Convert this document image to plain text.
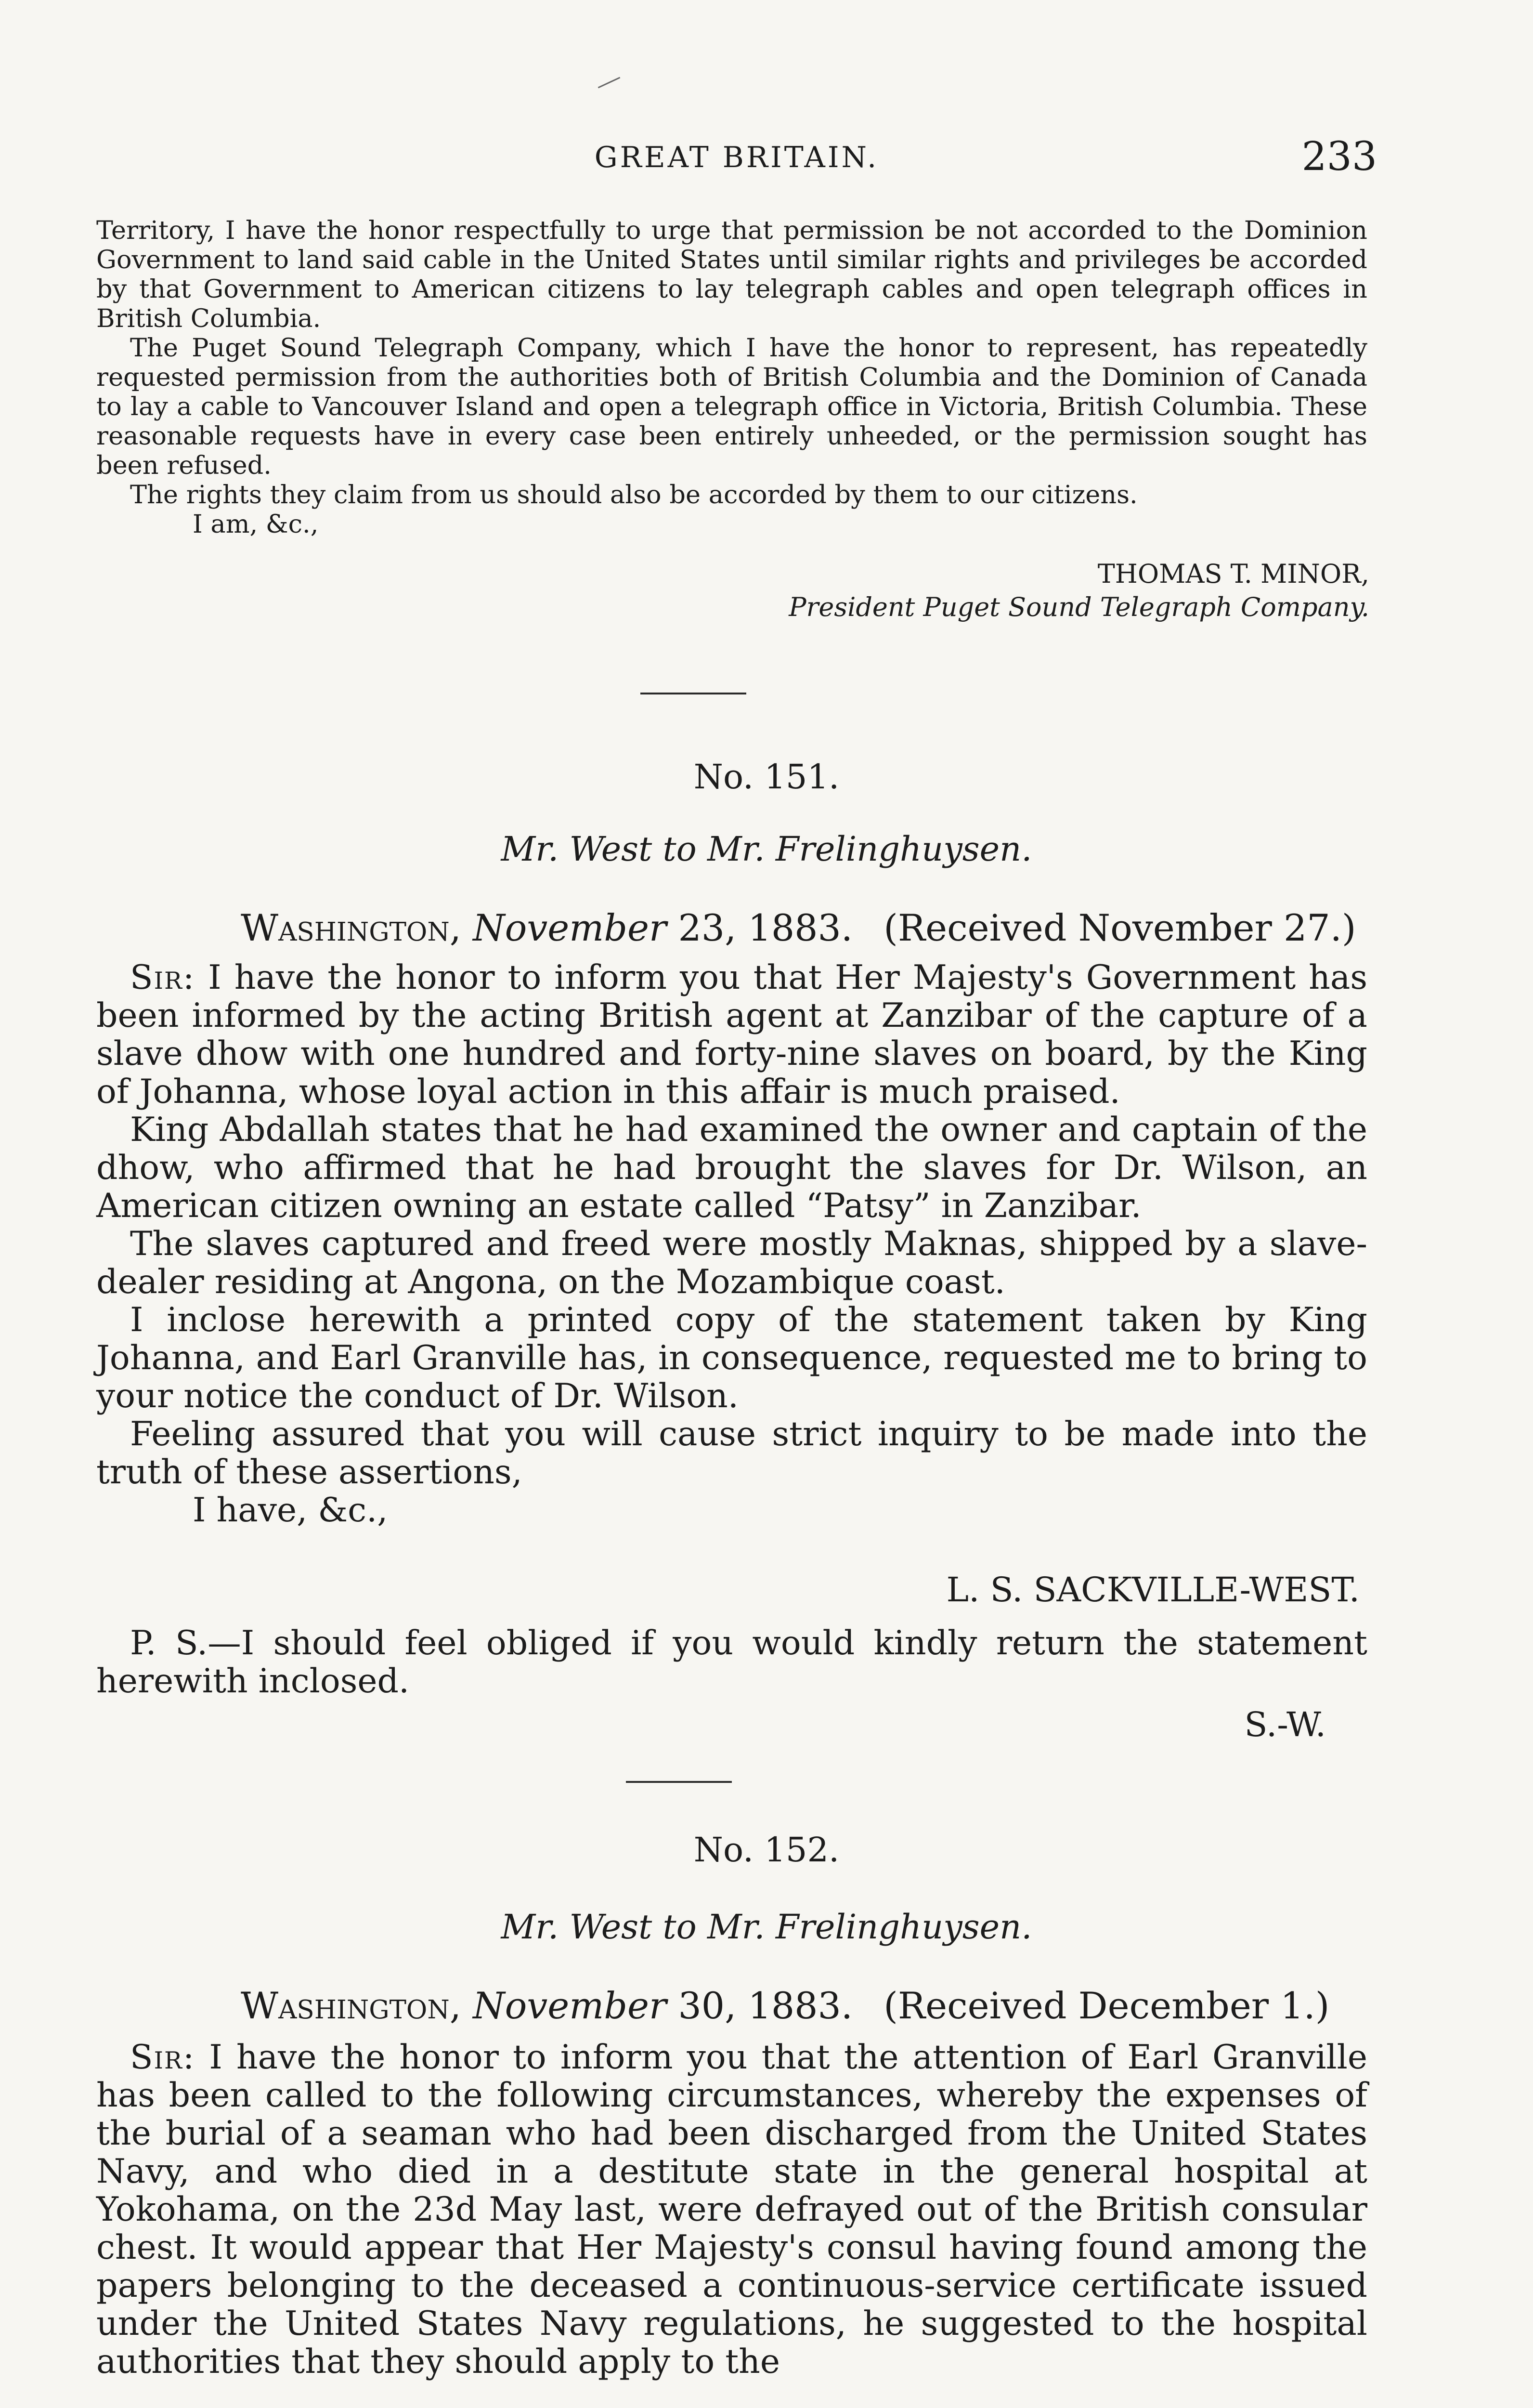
GREAT BRITAIN.	233

Territory, I have the honor respectfully to urge that permission be not accorded to the Dominion Government to land said cable in the United States until similar rights and privileges be accorded by that Government to American citizens to lay telegraph cables and open telegraph offices in British Columbia.

The Puget Sound Telegraph Company, which I have the honor to represent, has repeatedly requested permission from the authorities both of British Columbia and the Dominion of Canada to lay a cable to Vancouver Island and open a telegraph office in Victoria, British Columbia. These reasonable requests have in every case been entirely unheeded, or the permission sought has been refused.

The rights they claim from us should also be accorded by them to our citizens.

I am, &c.,

THOMAS T. MINOR,
President Puget Sound Telegraph Company.
No. 151.
Mr. West to Mr. Frelinghuysen.
Washington, November 23, 1883. (Received November 27.)

Sir: I have the honor to inform you that Her Majesty's Government has been informed by the acting British agent at Zanzibar of the capture of a slave dhow with one hundred and forty-nine slaves on board, by the King of Johanna, whose loyal action in this affair is much praised.

King Abdallah states that he had examined the owner and captain of the dhow, who affirmed that he had brought the slaves for Dr. Wilson, an American citizen owning an estate called “Patsy” in Zanzibar.

The slaves captured and freed were mostly Maknas, shipped by a slave-dealer residing at Angona, on the Mozambique coast.

I inclose herewith a printed copy of the statement taken by King Johanna, and Earl Granville has, in consequence, requested me to bring to your notice the conduct of Dr. Wilson.

Feeling assured that you will cause strict inquiry to be made into the truth of these assertions,

I have, &c.,

L. S. SACKVILLE-WEST.

P. S.—I should feel obliged if you would kindly return the statement herewith inclosed.

S.-W.
No. 152.
Mr. West to Mr. Frelinghuysen.
Washington, November 30, 1883. (Received December 1.)

Sir: I have the honor to inform you that the attention of Earl Granville has been called to the following circumstances, whereby the expenses of the burial of a seaman who had been discharged from the United States Navy, and who died in a destitute state in the general hospital at Yokohama, on the 23d May last, were defrayed out of the British consular chest. It would appear that Her Majesty's consul having found among the papers belonging to the deceased a continuous-service certificate issued under the United States Navy regulations, he suggested to the hospital authorities that they should apply to the
